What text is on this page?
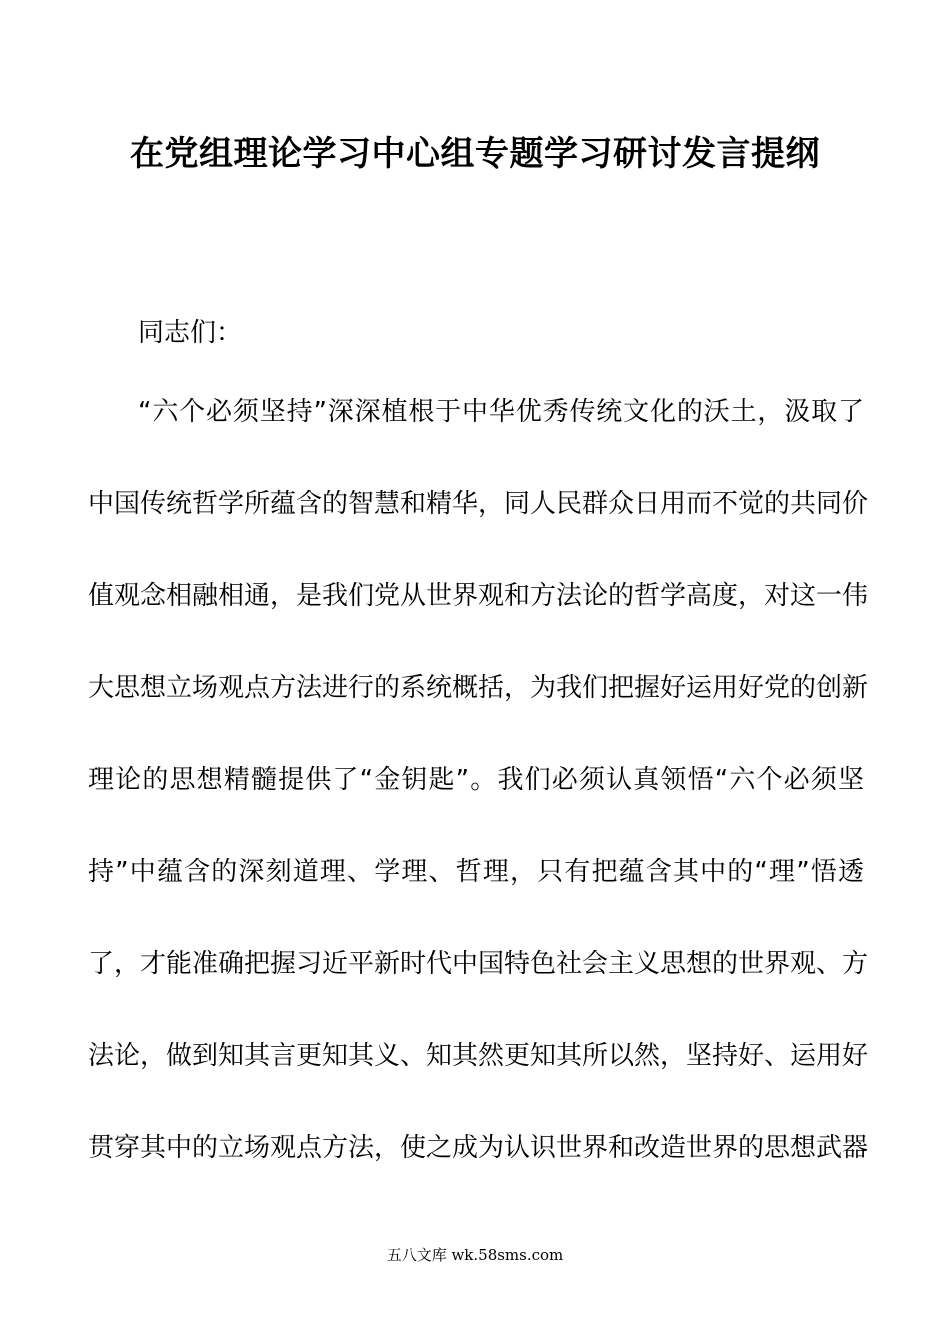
在党组理论学习中心组专题学习研讨发言提纲
同志们：
“六个必须坚持”深深植根于中华优秀传统文化的沃土，汲取了
中国传统哲学所蕴含的智慧和精华，同人民群众日用而不觉的共同价
值观念相融相通，是我们党从世界观和方法论的哲学高度，对这一伟
大思想立场观点方法进行的系统概括，为我们把握好运用好党的创新
理论的思想精髓提供了“金钥匙”。我们必须认真领悟“六个必须坚
持”中蕴含的深刻道理、学理、哲理，只有把蕴含其中的“理”悟透
了，才能准确把握习近平新时代中国特色社会主义思想的世界观、方
法论，做到知其言更知其义、知其然更知其所以然，坚持好、运用好
贯穿其中的立场观点方法，使之成为认识世界和改造世界的思想武器
五八文库 wk.58sms.com
